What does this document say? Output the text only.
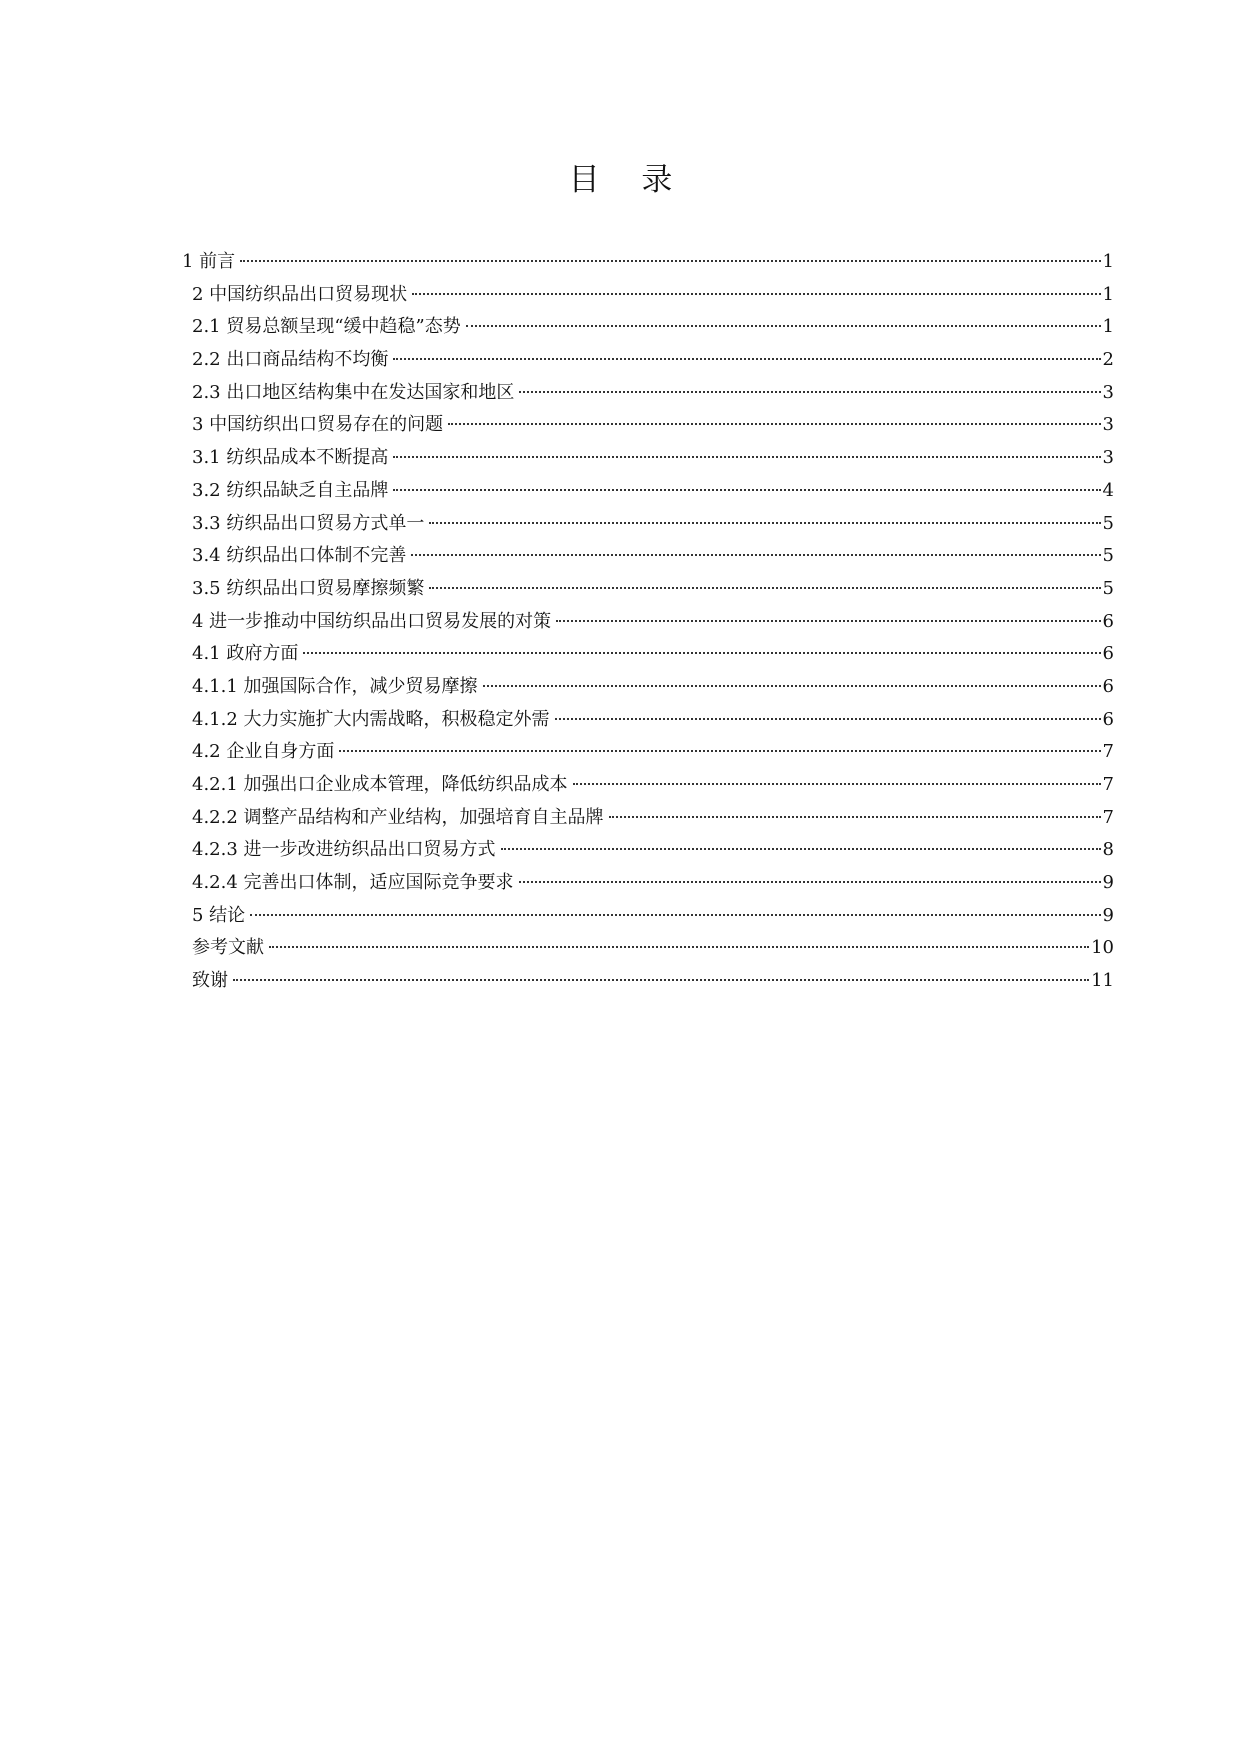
目 录
1 前言	1
2 中国纺织品出口贸易现状	1
2.1 贸易总额呈现“缓中趋稳”态势	1
2.2 出口商品结构不均衡	2
2.3 出口地区结构集中在发达国家和地区	3
3 中国纺织出口贸易存在的问题	3
3.1 纺织品成本不断提高	3
3.2 纺织品缺乏自主品牌	4
3.3 纺织品出口贸易方式单一	5
3.4 纺织品出口体制不完善	5
3.5 纺织品出口贸易摩擦频繁	5
4 进一步推动中国纺织品出口贸易发展的对策	6
4.1 政府方面	6
4.1.1 加强国际合作，减少贸易摩擦	6
4.1.2 大力实施扩大内需战略，积极稳定外需	6
4.2 企业自身方面	7
4.2.1 加强出口企业成本管理，降低纺织品成本	7
4.2.2 调整产品结构和产业结构，加强培育自主品牌	7
4.2.3 进一步改进纺织品出口贸易方式	8
4.2.4 完善出口体制，适应国际竞争要求	9
5 结论	9
参考文献	10
致谢	11
